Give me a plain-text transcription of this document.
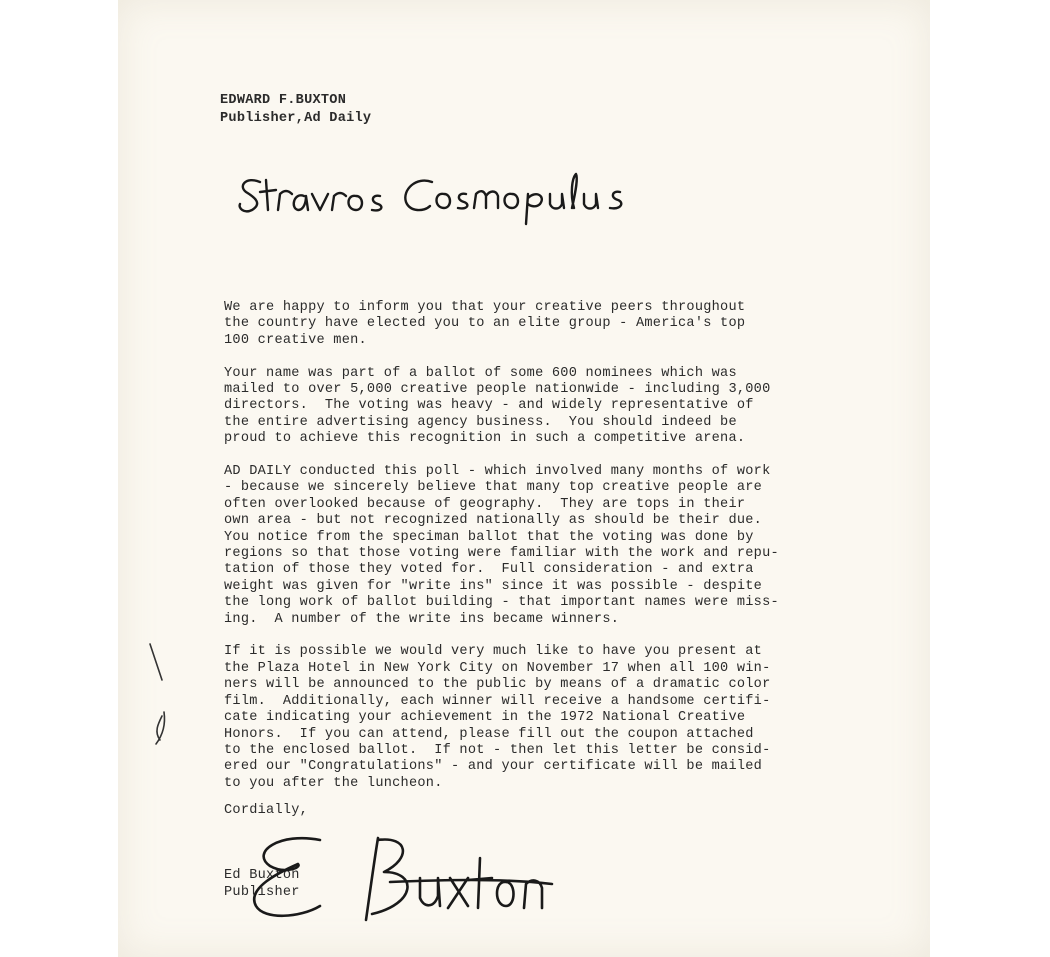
EDWARD F.BUXTON
Publisher,Ad Daily
We are happy to inform you that your creative peers throughout
the country have elected you to an elite group - America's top
100 creative men.
Your name was part of a ballot of some 600 nominees which was
mailed to over 5,000 creative people nationwide - including 3,000
directors.  The voting was heavy - and widely representative of
the entire advertising agency business.  You should indeed be
proud to achieve this recognition in such a competitive arena.
AD DAILY conducted this poll - which involved many months of work
- because we sincerely believe that many top creative people are
often overlooked because of geography.  They are tops in their
own area - but not recognized nationally as should be their due.
You notice from the speciman ballot that the voting was done by
regions so that those voting were familiar with the work and repu-
tation of those they voted for.  Full consideration - and extra
weight was given for "write ins" since it was possible - despite
the long work of ballot building - that important names were miss-
ing.  A number of the write ins became winners.
If it is possible we would very much like to have you present at
the Plaza Hotel in New York City on November 17 when all 100 win-
ners will be announced to the public by means of a dramatic color
film.  Additionally, each winner will receive a handsome certifi-
cate indicating your achievement in the 1972 National Creative
Honors.  If you can attend, please fill out the coupon attached
to the enclosed ballot.  If not - then let this letter be consid-
ered our "Congratulations" - and your certificate will be mailed
to you after the luncheon.
Cordially,
Ed Buxton
Publisher
